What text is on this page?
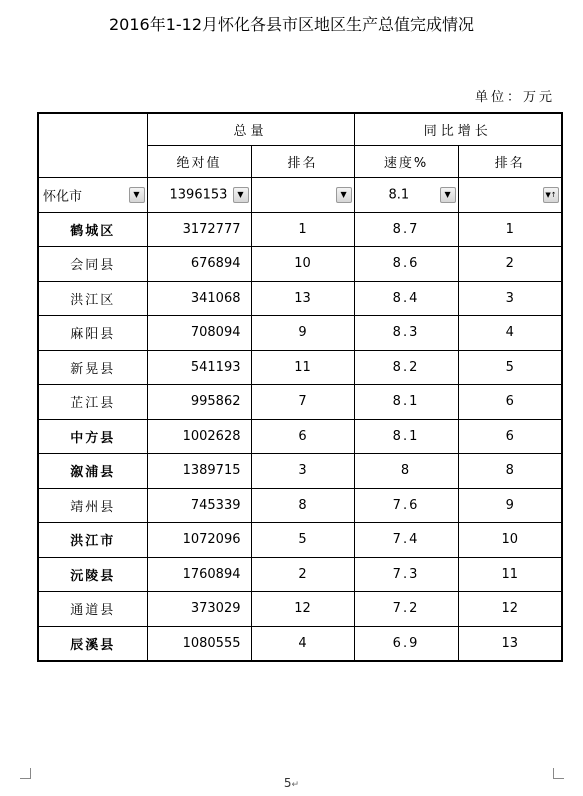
2016年1-12月怀化各县市区地区生产总值完成情况
单位：万元
	总量		同比增长	
	绝对值	排名	速度%	排名

怀化市 ▼	1396153 ▼	▼	8.1 ▼	▼↑

鹤城区	3172777	1	8.7	1
会同县	676894	10	8.6	2
洪江区	341068	13	8.4	3
麻阳县	708094	9	8.3	4
新晃县	541193	11	8.2	5
芷江县	995862	7	8.1	6
中方县	1002628	6	8.1	6
溆浦县	1389715	3	8	8
靖州县	745339	8	7.6	9
洪江市	1072096	5	7.4	10
沅陵县	1760894	2	7.3	11
通道县	373029	12	7.2	12
辰溪县	1080555	4	6.9	13
5↵
